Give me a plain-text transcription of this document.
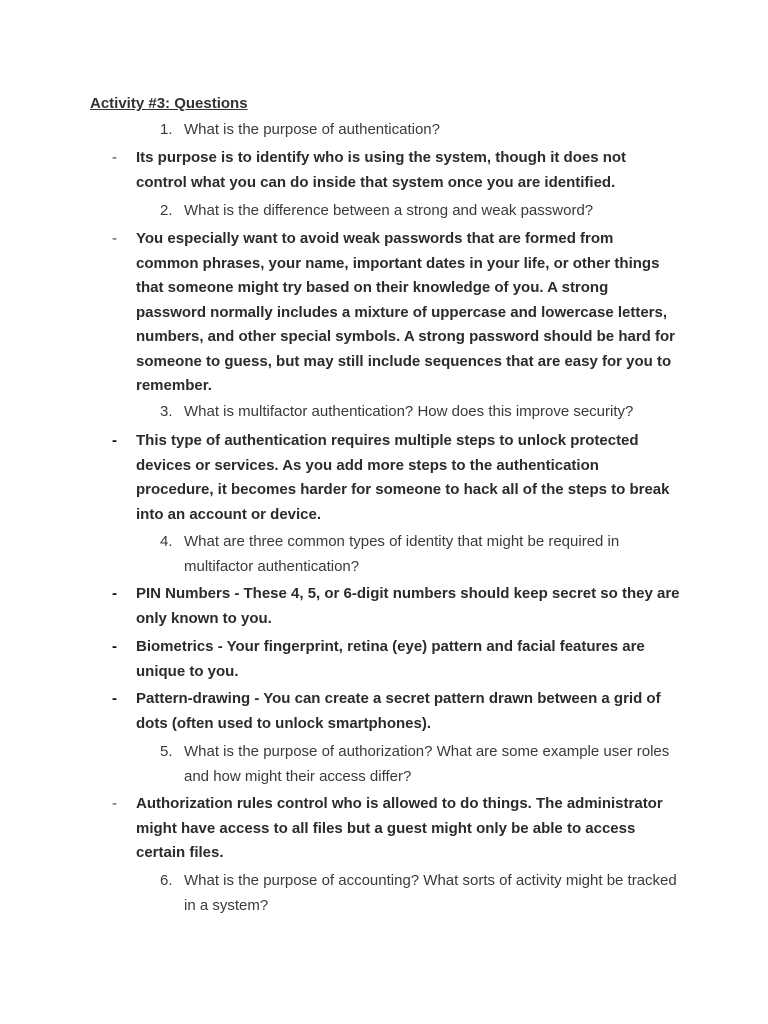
Activity #3: Questions
1. What is the purpose of authentication?
- Its purpose is to identify who is using the system, though it does not control what you can do inside that system once you are identified.
2. What is the difference between a strong and weak password?
- You especially want to avoid weak passwords that are formed from common phrases, your name, important dates in your life, or other things that someone might try based on their knowledge of you. A strong password normally includes a mixture of uppercase and lowercase letters, numbers, and other special symbols. A strong password should be hard for someone to guess, but may still include sequences that are easy for you to remember.
3. What is multifactor authentication? How does this improve security?
- This type of authentication requires multiple steps to unlock protected devices or services. As you add more steps to the authentication procedure, it becomes harder for someone to hack all of the steps to break into an account or device.
4. What are three common types of identity that might be required in multifactor authentication?
- PIN Numbers - These 4, 5, or 6-digit numbers should keep secret so they are only known to you.
- Biometrics - Your fingerprint, retina (eye) pattern and facial features are unique to you.
- Pattern-drawing - You can create a secret pattern drawn between a grid of dots (often used to unlock smartphones).
5. What is the purpose of authorization? What are some example user roles and how might their access differ?
- Authorization rules control who is allowed to do things. The administrator might have access to all files but a guest might only be able to access certain files.
6. What is the purpose of accounting? What sorts of activity might be tracked in a system?
